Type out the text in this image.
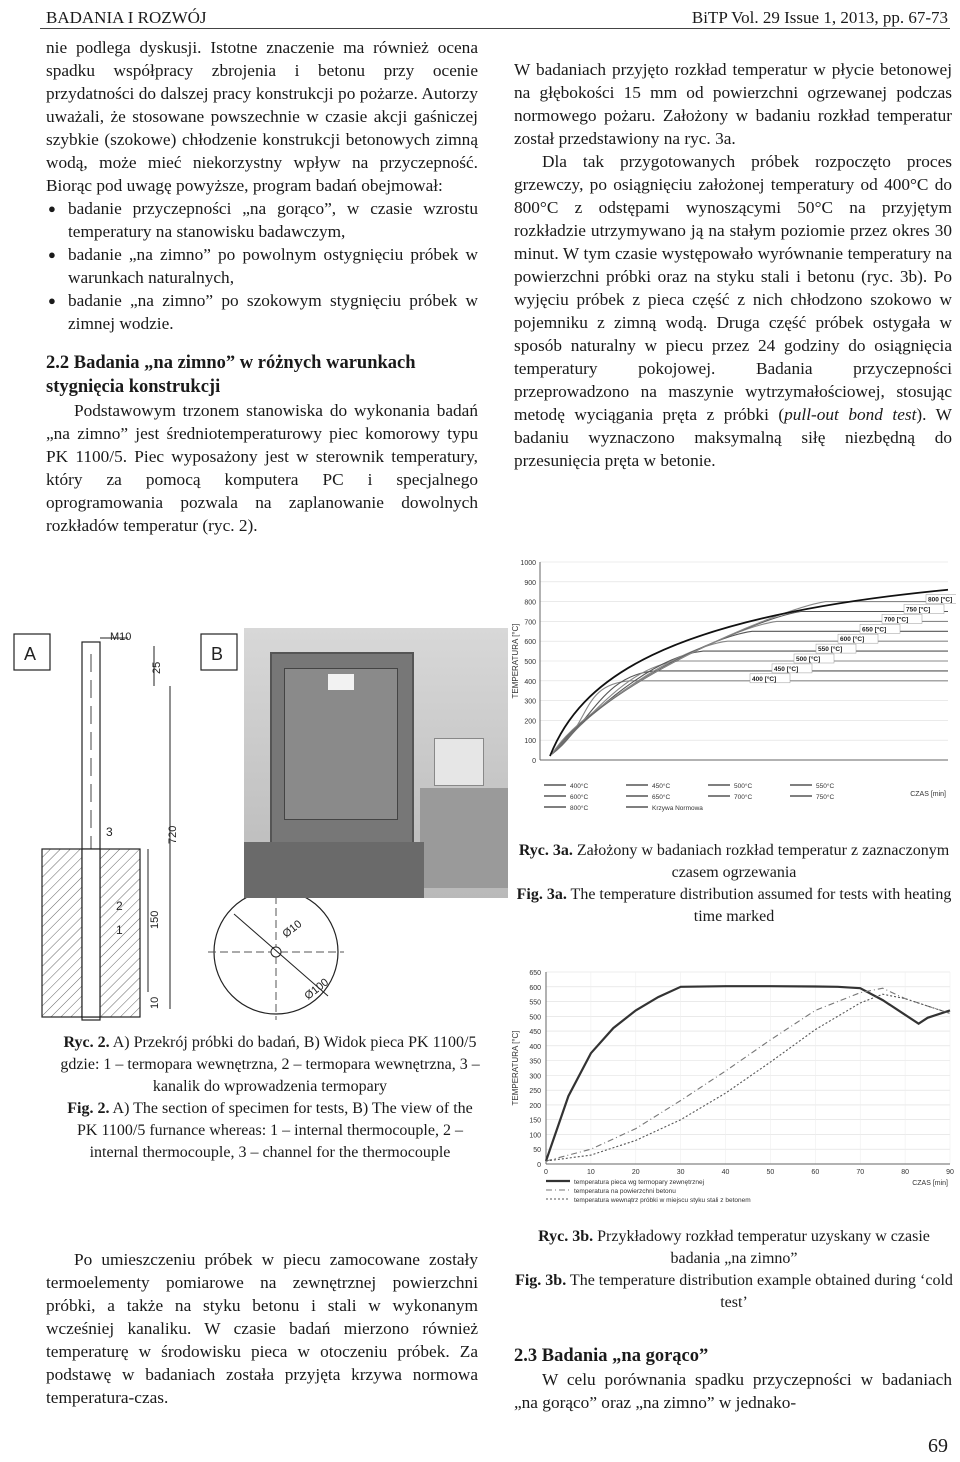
BADANIA I ROZWÓJ	BiTP Vol. 29 Issue 1, 2013, pp. 67-73

nie podlega dyskusji. Istotne znaczenie ma również ocena spadku współpracy zbrojenia i betonu przy ocenie przydatności do dalszej pracy konstrukcji po pożarze. Autorzy uważali, że stosowane powszechnie w czasie akcji gaśniczej szybkie (szokowe) chłodzenie konstrukcji betonowych zimną wodą, może mieć niekorzystny wpływ na przyczepność. Biorąc pod uwagę powyższe, program badań obejmował:

● badanie przyczepności „na gorąco”, w czasie wzrostu temperatury na stanowisku badawczym,
● badanie „na zimno” po powolnym ostygnięciu próbek w warunkach naturalnych,
● badanie „na zimno” po szokowym stygnięciu próbek w zimnej wodzie.
2.2 Badania „na zimno” w różnych warunkach stygnięcia konstrukcji

Podstawowym trzonem stanowiska do wykonania badań „na zimno” jest średniotemperaturowy piec komorowy typu PK 1100/5. Piec wyposażony jest w sterownik temperatury, który za pomocą komputera PC i specjalnego oprogramowania pozwala na zaplanowanie dowolnych rozkładów temperatur (ryc. 2).

A	B
M10
25
720
150
10
3
2
1	Ø10
Ø100
Ryc. 2. A) Przekrój próbki do badań, B) Widok pieca PK 1100/5 gdzie: 1 – termopara wewnętrzna, 2 – termopara wewnętrzna, 3 – kanalik do wprowadzenia termopary
Fig. 2. A) The section of specimen for tests, B) The view of the PK 1100/5 furnance whereas: 1 – internal thermocouple, 2 – internal thermocouple, 3 – channel for the thermocouple

Po umieszczeniu próbek w piecu zamocowane zostały termoelementy pomiarowe na zewnętrznej powierzchni próbki, a także na styku betonu i stali w wykonanym wcześniej kanaliku. W czasie badań mierzono również temperaturę w środowisku pieca w otoczeniu próbek. Za podstawę w badaniach została przyjęta krzywa normowa temperatura-czas.

W badaniach przyjęto rozkład temperatur w płycie betonowej na głębokości 15 mm od powierzchni ogrzewanej podczas normowego pożaru. Założony w badaniu rozkład temperatur został przedstawiony na ryc. 3a.

Dla tak przygotowanych próbek rozpoczęto proces grzewczy, po osiągnięciu założonej temperatury od 400°C do 800°C z odstępami wynoszącymi 50°C na przyjętym rozkładzie utrzymywano ją na stałym poziomie przez okres 30 minut. W tym czasie występowało wyrównanie temperatury na powierzchni próbki oraz na styku stali i betonu (ryc. 3b). Po wyjęciu próbek z pieca część z nich chłodzono szokowo w pojemniku z zimną wodą. Druga część próbek ostygała w sposób naturalny w piecu przez 24 godziny do osiągnięcia temperatury pokojowej. Badania przyczepności przeprowadzono na maszynie wytrzymałościowej, stosując metodę wyciągania pręta z próbki (pull-out bond test). W badaniu wyznaczono maksymalną siłę niezbędną do przesunięcia pręta w betonie.

1000
900
800
700
600
500
400
300
200
100
0
TEMPERATURA [°C]
800 [°C]
750 [°C]
700 [°C]
650 [°C]
600 [°C]
550 [°C]
500 [°C]
450 [°C]
400 [°C]
CZAS [min]
400°C	450°C	500°C	550°C
600°C	650°C	700°C	750°C
800°C	Krzywa Normowa
Ryc. 3a. Założony w badaniach rozkład temperatur z zaznaczonym czasem ogrzewania
Fig. 3a. The temperature distribution assumed for tests with heating time marked
650
600
550
500
450
400
350
300
250
200
150
100
50
0
0	10	20	30	40	50	60	70	80	90
TEMPERATURA [°C]
CZAS [min]
temperatura pieca wg termopary zewnętrznej
temperatura na powierzchni betonu
temperatura wewnątrz próbki w miejscu styku stali z betonem
Ryc. 3b. Przykładowy rozkład temperatur uzyskany w czasie badania „na zimno”
Fig. 3b. The temperature distribution example obtained during ‘cold test’
2.3 Badania „na gorąco”

W celu porównania spadku przyczepności w badaniach „na gorąco” oraz „na zimno” w jednako-

69
